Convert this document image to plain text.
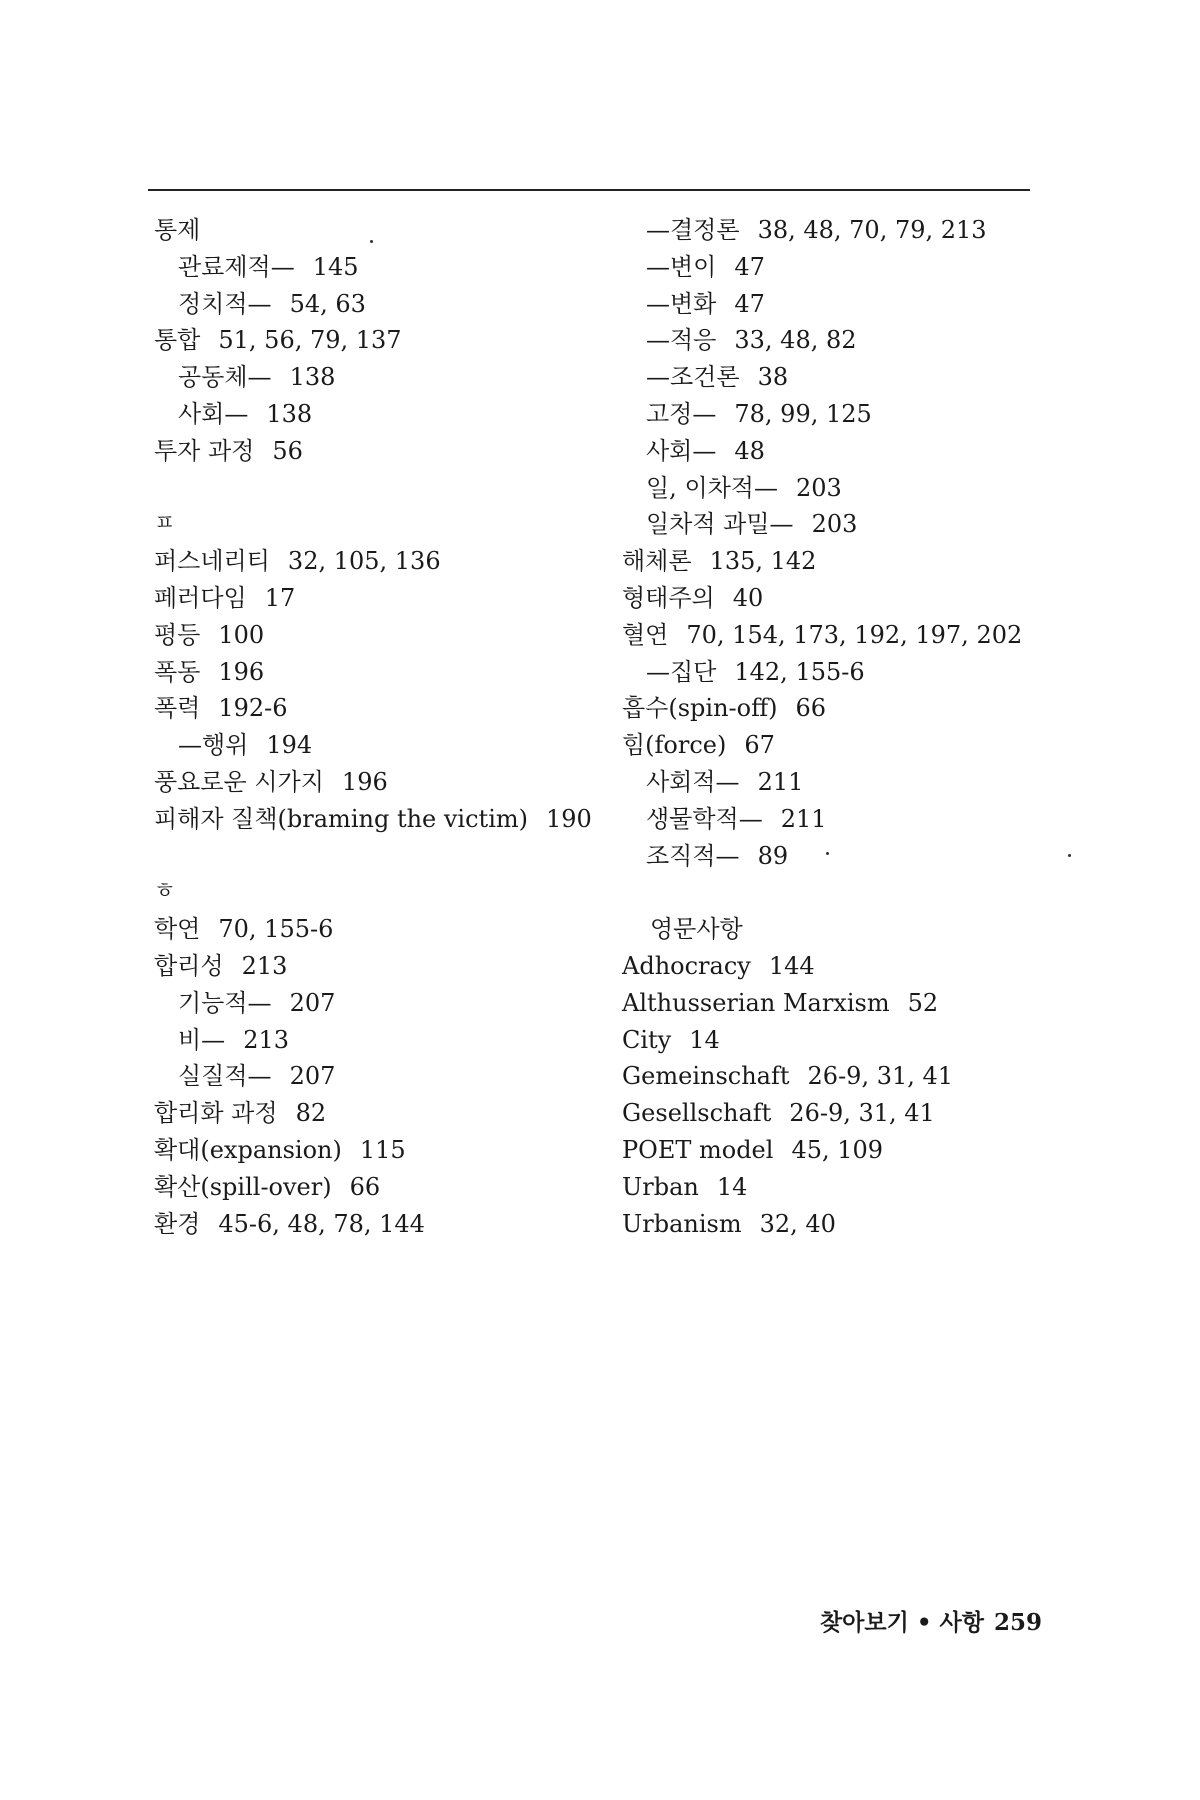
통제
관료제적— 145
정치적— 54, 63
통합 51, 56, 79, 137
공동체— 138
사회— 138
투자 과정 56
ㅍ
퍼스네리티 32, 105, 136
페러다임 17
평등 100
폭동 196
폭력 192-6
—행위 194
풍요로운 시가지 196
피해자 질책(braming the victim) 190
ㅎ
학연 70, 155-6
합리성 213
기능적— 207
비— 213
실질적— 207
합리화 과정 82
확대(expansion) 115
확산(spill-over) 66
환경 45-6, 48, 78, 144
—결정론 38, 48, 70, 79, 213
—변이 47
—변화 47
—적응 33, 48, 82
—조건론 38
고정— 78, 99, 125
사회— 48
일, 이차적— 203
일차적 과밀— 203
해체론 135, 142
형태주의 40
혈연 70, 154, 173, 192, 197, 202
—집단 142, 155-6
흡수(spin-off) 66
힘(force) 67
사회적— 211
생물학적— 211
조직적— 89
영문사항
Adhocracy 144
Althusserian Marxism 52
City 14
Gemeinschaft 26-9, 31, 41
Gesellschaft 26-9, 31, 41
POET model 45, 109
Urban 14
Urbanism 32, 40
찾아보기 • 사항 259
